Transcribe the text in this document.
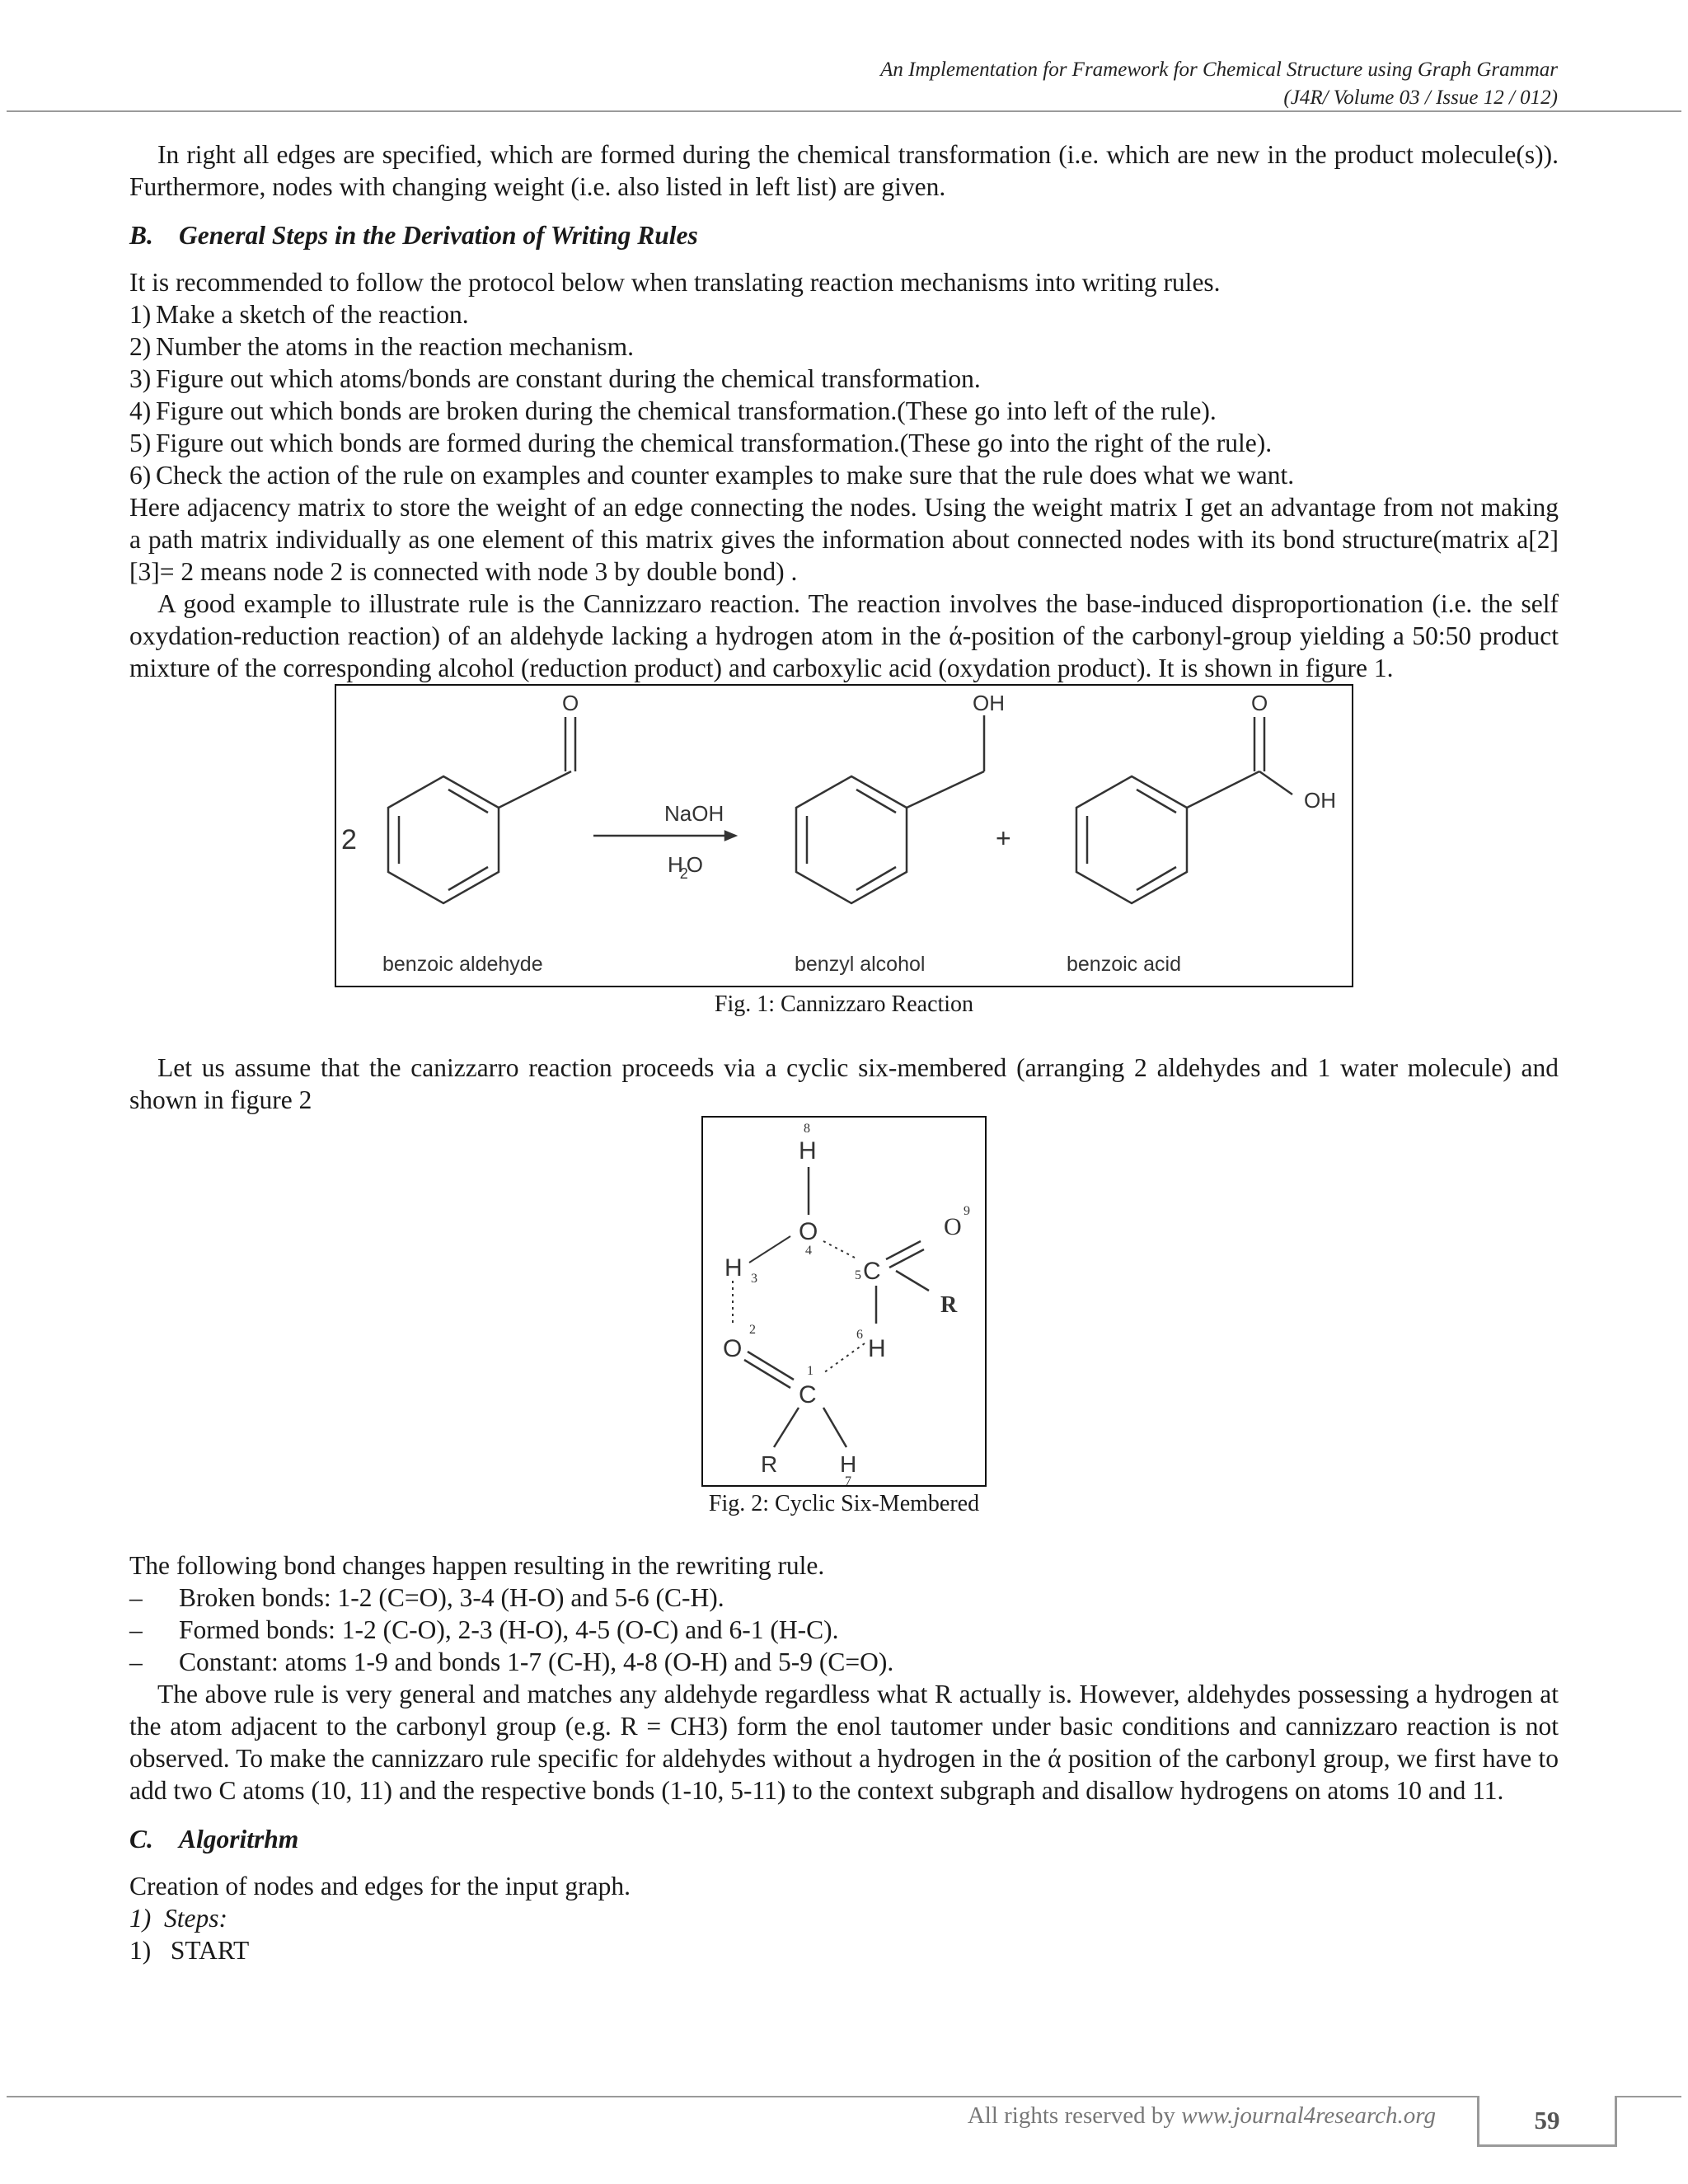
An Implementation for Framework for Chemical Structure using Graph Grammar
(J4R/ Volume 03 / Issue 12 / 012)

In right all edges are specified, which are formed during the chemical transformation (i.e. which are new in the product molecule(s)). Furthermore, nodes with changing weight (i.e. also listed in left list) are given.

B. General Steps in the Derivation of Writing Rules

It is recommended to follow the protocol below when translating reaction mechanisms into writing rules.

1) Make a sketch of the reaction.
2) Number the atoms in the reaction mechanism.
3) Figure out which atoms/bonds are constant during the chemical transformation.
4) Figure out which bonds are broken during the chemical transformation.(These go into left of the rule).
5) Figure out which bonds are formed during the chemical transformation.(These go into the right of the rule).
6) Check the action of the rule on examples and counter examples to make sure that the rule does what we want.

Here adjacency matrix to store the weight of an edge connecting the nodes. Using the weight matrix I get an advantage from not making a path matrix individually as one element of this matrix gives the information about connected nodes with its bond structure(matrix a[2][3]= 2 means node 2 is connected with node 3 by double bond) .

A good example to illustrate rule is the Cannizzaro reaction. The reaction involves the base-induced disproportionation (i.e. the self oxydation-reduction reaction) of an aldehyde lacking a hydrogen atom in the ά-position of the carbonyl-group yielding a 50:50 product mixture of the corresponding alcohol (reduction product) and carboxylic acid (oxydation product). It is shown in figure 1.

2
O	OH	O
OH
NaOH
H2O
+
benzoic aldehyde	benzyl alcohol	benzoic acid
Fig. 1: Cannizzaro Reaction

Let us assume that the canizzarro reaction proceeds via a cyclic six-membered (arranging 2 aldehydes and 1 water molecule) and shown in figure 2

8
H
O
4
9
O
H 3	5 C
R
2
O
6
H
1
C
R	H
7
Fig. 2: Cyclic Six-Membered

The following bond changes happen resulting in the rewriting rule.

– Broken bonds: 1-2 (C=O), 3-4 (H-O) and 5-6 (C-H).
– Formed bonds: 1-2 (C-O), 2-3 (H-O), 4-5 (O-C) and 6-1 (H-C).
– Constant: atoms 1-9 and bonds 1-7 (C-H), 4-8 (O-H) and 5-9 (C=O).

The above rule is very general and matches any aldehyde regardless what R actually is. However, aldehydes possessing a hydrogen at the atom adjacent to the carbonyl group (e.g. R = CH3) form the enol tautomer under basic conditions and cannizzaro reaction is not observed. To make the cannizzaro rule specific for aldehydes without a hydrogen in the ά position of the carbonyl group, we first have to add two C atoms (10, 11) and the respective bonds (1-10, 5-11) to the context subgraph and disallow hydrogens on atoms 10 and 11.

C. Algoritrhm

Creation of nodes and edges for the input graph.

1) Steps:
1) START
All rights reserved by www.journal4research.org	59
